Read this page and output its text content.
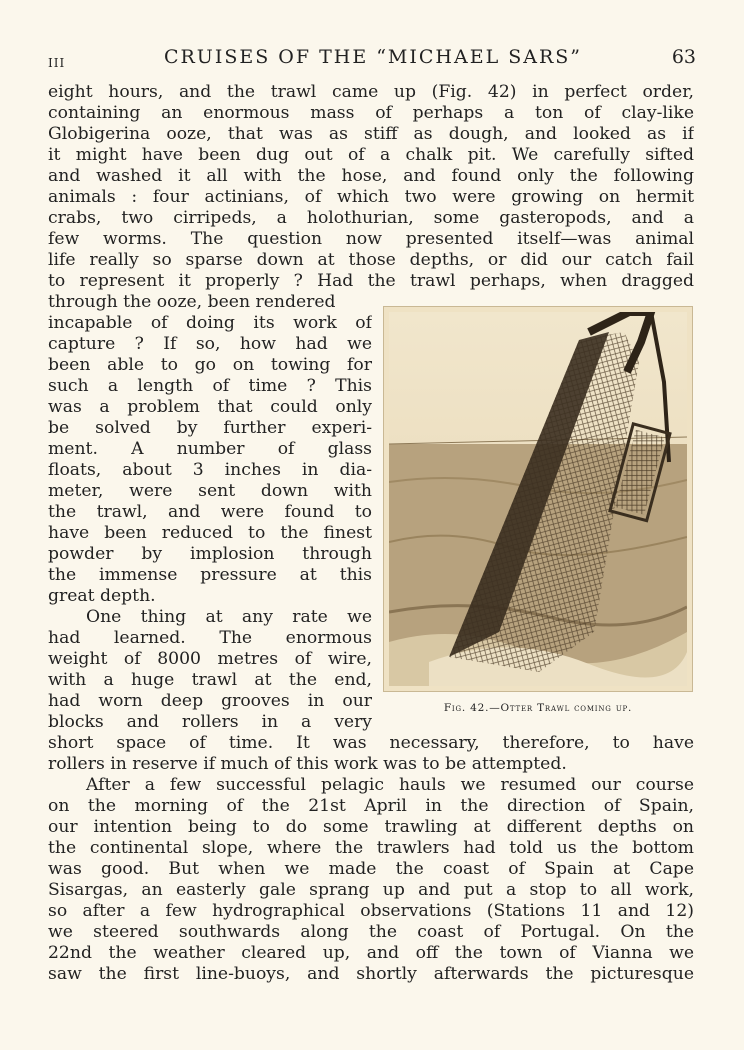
III	CRUISES OF THE “MICHAEL SARS”	63
eight hours, and the trawl came up (Fig. 42) in perfect order,
containing an enormous mass of perhaps a ton of clay-like
Globigerina ooze, that was as stiff as dough, and looked as if
it might have been dug out of a chalk pit. We carefully sifted
and washed it all with the hose, and found only the following
animals : four actinians, of which two were growing on hermit
crabs, two cirripeds, a holothurian, some gasteropods, and a
few worms. The question now presented itself—was animal
life really so sparse down at those depths, or did our catch fail
to represent it properly ? Had the trawl perhaps, when dragged
through the ooze, been rendered
incapable of doing its work of
capture ? If so, how had we
been able to go on towing for
such a length of time ? This
was a problem that could only
be solved by further experi-
ment. A number of glass
floats, about 3 inches in dia-
meter, were sent down with
the trawl, and were found to
have been reduced to the finest
powder by implosion through
the immense pressure at this
great depth.
One thing at any rate we
had learned. The enormous
weight of 8000 metres of wire,
with a huge trawl at the end,
had worn deep grooves in our
blocks and rollers in a very
short space of time. It was necessary, therefore, to have
rollers in reserve if much of this work was to be attempted.
After a few successful pelagic hauls we resumed our course
on the morning of the 21st April in the direction of Spain,
our intention being to do some trawling at different depths on
the continental slope, where the trawlers had told us the bottom
was good. But when we made the coast of Spain at Cape
Sisargas, an easterly gale sprang up and put a stop to all work,
so after a few hydrographical observations (Stations 11 and 12)
we steered southwards along the coast of Portugal. On the
22nd the weather cleared up, and off the town of Vianna we
saw the first line-buoys, and shortly afterwards the picturesque
Fig. 42.—Otter Trawl coming up.
